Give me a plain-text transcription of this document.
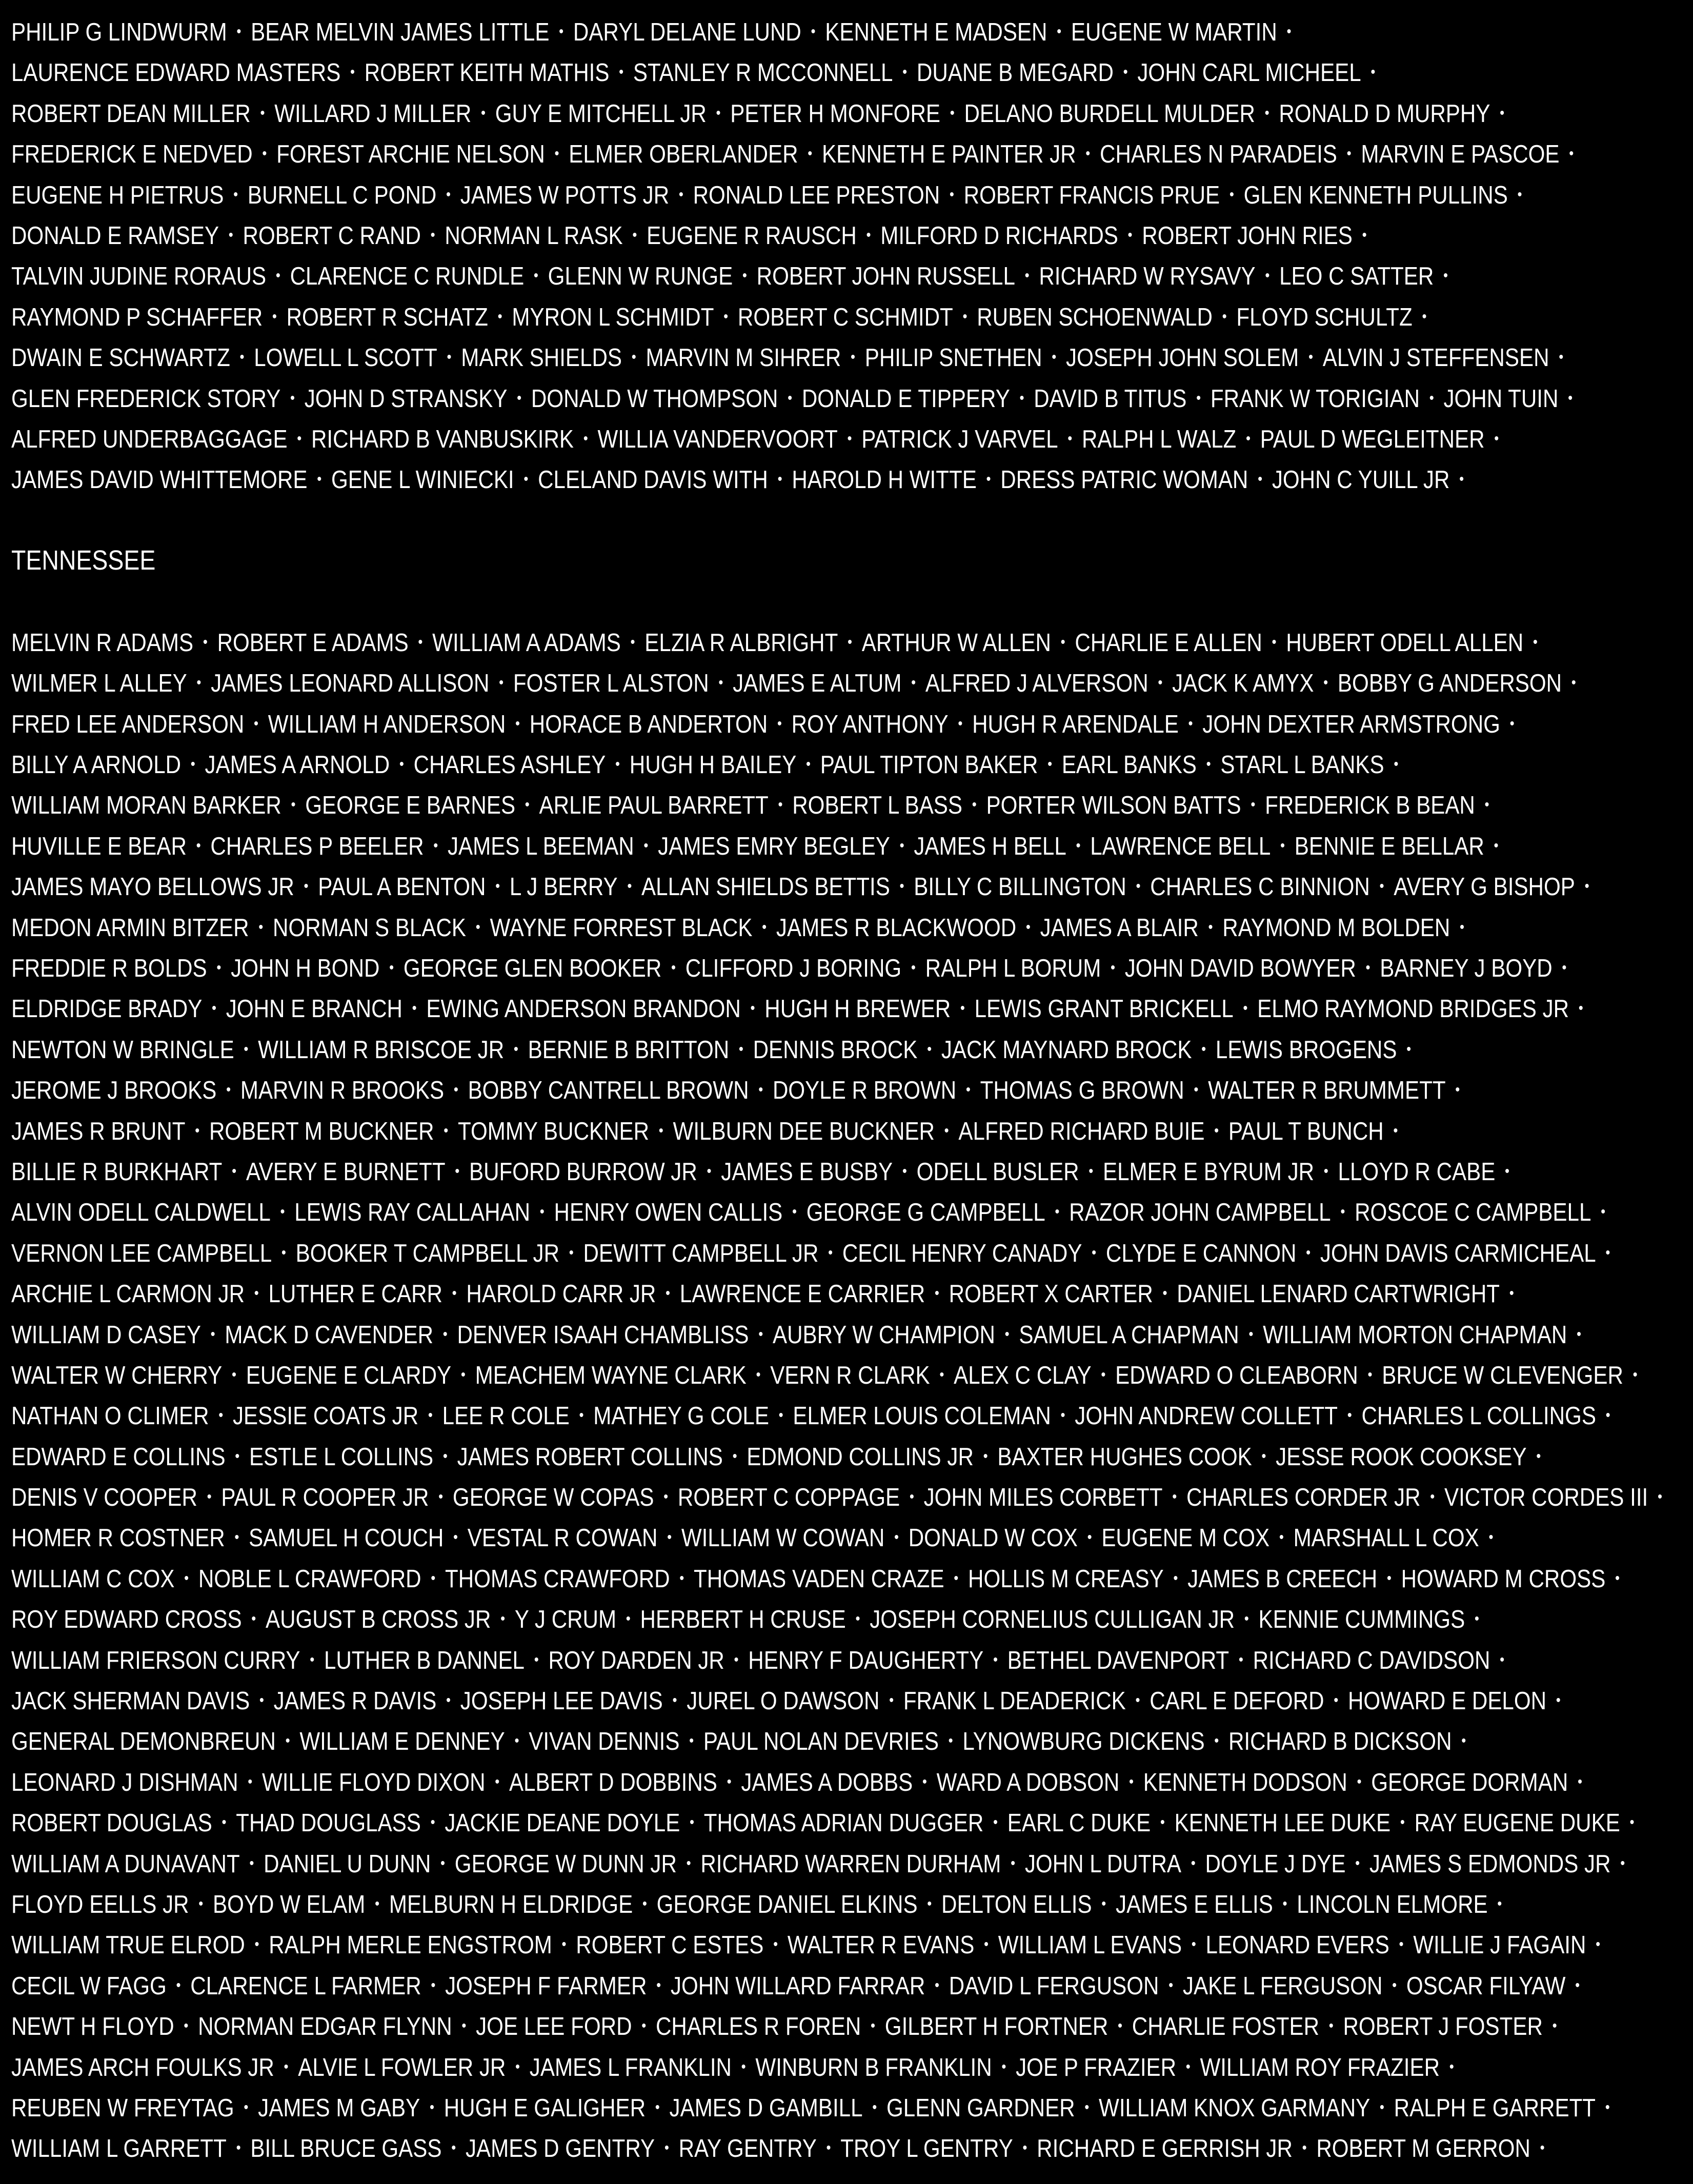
PHILIP G LINDWURM • BEAR MELVIN JAMES LITTLE • DARYL DELANE LUND • KENNETH E MADSEN • EUGENE W MARTIN •
LAURENCE EDWARD MASTERS • ROBERT KEITH MATHIS • STANLEY R MCCONNELL • DUANE B MEGARD • JOHN CARL MICHEEL •
ROBERT DEAN MILLER • WILLARD J MILLER • GUY E MITCHELL JR • PETER H MONFORE • DELANO BURDELL MULDER • RONALD D MURPHY •
FREDERICK E NEDVED • FOREST ARCHIE NELSON • ELMER OBERLANDER • KENNETH E PAINTER JR • CHARLES N PARADEIS • MARVIN E PASCOE •
EUGENE H PIETRUS • BURNELL C POND • JAMES W POTTS JR • RONALD LEE PRESTON • ROBERT FRANCIS PRUE • GLEN KENNETH PULLINS •
DONALD E RAMSEY • ROBERT C RAND • NORMAN L RASK • EUGENE R RAUSCH • MILFORD D RICHARDS • ROBERT JOHN RIES •
TALVIN JUDINE RORAUS • CLARENCE C RUNDLE • GLENN W RUNGE • ROBERT JOHN RUSSELL • RICHARD W RYSAVY • LEO C SATTER •
RAYMOND P SCHAFFER • ROBERT R SCHATZ • MYRON L SCHMIDT • ROBERT C SCHMIDT • RUBEN SCHOENWALD • FLOYD SCHULTZ •
DWAIN E SCHWARTZ • LOWELL L SCOTT • MARK SHIELDS • MARVIN M SIHRER • PHILIP SNETHEN • JOSEPH JOHN SOLEM • ALVIN J STEFFENSEN •
GLEN FREDERICK STORY • JOHN D STRANSKY • DONALD W THOMPSON • DONALD E TIPPERY • DAVID B TITUS • FRANK W TORIGIAN • JOHN TUIN •
ALFRED UNDERBAGGAGE • RICHARD B VANBUSKIRK • WILLIA VANDERVOORT • PATRICK J VARVEL • RALPH L WALZ • PAUL D WEGLEITNER •
JAMES DAVID WHITTEMORE • GENE L WINIECKI • CLELAND DAVIS WITH • HAROLD H WITTE • DRESS PATRIC WOMAN • JOHN C YUILL JR •
TENNESSEE
MELVIN R ADAMS • ROBERT E ADAMS • WILLIAM A ADAMS • ELZIA R ALBRIGHT • ARTHUR W ALLEN • CHARLIE E ALLEN • HUBERT ODELL ALLEN •
WILMER L ALLEY • JAMES LEONARD ALLISON • FOSTER L ALSTON • JAMES E ALTUM • ALFRED J ALVERSON • JACK K AMYX • BOBBY G ANDERSON •
FRED LEE ANDERSON • WILLIAM H ANDERSON • HORACE B ANDERTON • ROY ANTHONY • HUGH R ARENDALE • JOHN DEXTER ARMSTRONG •
BILLY A ARNOLD • JAMES A ARNOLD • CHARLES ASHLEY • HUGH H BAILEY • PAUL TIPTON BAKER • EARL BANKS • STARL L BANKS •
WILLIAM MORAN BARKER • GEORGE E BARNES • ARLIE PAUL BARRETT • ROBERT L BASS • PORTER WILSON BATTS • FREDERICK B BEAN •
HUVILLE E BEAR • CHARLES P BEELER • JAMES L BEEMAN • JAMES EMRY BEGLEY • JAMES H BELL • LAWRENCE BELL • BENNIE E BELLAR •
JAMES MAYO BELLOWS JR • PAUL A BENTON • L J BERRY • ALLAN SHIELDS BETTIS • BILLY C BILLINGTON • CHARLES C BINNION • AVERY G BISHOP •
MEDON ARMIN BITZER • NORMAN S BLACK • WAYNE FORREST BLACK • JAMES R BLACKWOOD • JAMES A BLAIR • RAYMOND M BOLDEN •
FREDDIE R BOLDS • JOHN H BOND • GEORGE GLEN BOOKER • CLIFFORD J BORING • RALPH L BORUM • JOHN DAVID BOWYER • BARNEY J BOYD •
ELDRIDGE BRADY • JOHN E BRANCH • EWING ANDERSON BRANDON • HUGH H BREWER • LEWIS GRANT BRICKELL • ELMO RAYMOND BRIDGES JR •
NEWTON W BRINGLE • WILLIAM R BRISCOE JR • BERNIE B BRITTON • DENNIS BROCK • JACK MAYNARD BROCK • LEWIS BROGENS •
JEROME J BROOKS • MARVIN R BROOKS • BOBBY CANTRELL BROWN • DOYLE R BROWN • THOMAS G BROWN • WALTER R BRUMMETT •
JAMES R BRUNT • ROBERT M BUCKNER • TOMMY BUCKNER • WILBURN DEE BUCKNER • ALFRED RICHARD BUIE • PAUL T BUNCH •
BILLIE R BURKHART • AVERY E BURNETT • BUFORD BURROW JR • JAMES E BUSBY • ODELL BUSLER • ELMER E BYRUM JR • LLOYD R CABE •
ALVIN ODELL CALDWELL • LEWIS RAY CALLAHAN • HENRY OWEN CALLIS • GEORGE G CAMPBELL • RAZOR JOHN CAMPBELL • ROSCOE C CAMPBELL •
VERNON LEE CAMPBELL • BOOKER T CAMPBELL JR • DEWITT CAMPBELL JR • CECIL HENRY CANADY • CLYDE E CANNON • JOHN DAVIS CARMICHEAL •
ARCHIE L CARMON JR • LUTHER E CARR • HAROLD CARR JR • LAWRENCE E CARRIER • ROBERT X CARTER • DANIEL LENARD CARTWRIGHT •
WILLIAM D CASEY • MACK D CAVENDER • DENVER ISAAH CHAMBLISS • AUBRY W CHAMPION • SAMUEL A CHAPMAN • WILLIAM MORTON CHAPMAN •
WALTER W CHERRY • EUGENE E CLARDY • MEACHEM WAYNE CLARK • VERN R CLARK • ALEX C CLAY • EDWARD O CLEABORN • BRUCE W CLEVENGER •
NATHAN O CLIMER • JESSIE COATS JR • LEE R COLE • MATHEY G COLE • ELMER LOUIS COLEMAN • JOHN ANDREW COLLETT • CHARLES L COLLINGS •
EDWARD E COLLINS • ESTLE L COLLINS • JAMES ROBERT COLLINS • EDMOND COLLINS JR • BAXTER HUGHES COOK • JESSE ROOK COOKSEY •
DENIS V COOPER • PAUL R COOPER JR • GEORGE W COPAS • ROBERT C COPPAGE • JOHN MILES CORBETT • CHARLES CORDER JR • VICTOR CORDES III •
HOMER R COSTNER • SAMUEL H COUCH • VESTAL R COWAN • WILLIAM W COWAN • DONALD W COX • EUGENE M COX • MARSHALL L COX •
WILLIAM C COX • NOBLE L CRAWFORD • THOMAS CRAWFORD • THOMAS VADEN CRAZE • HOLLIS M CREASY • JAMES B CREECH • HOWARD M CROSS •
ROY EDWARD CROSS • AUGUST B CROSS JR • Y J CRUM • HERBERT H CRUSE • JOSEPH CORNELIUS CULLIGAN JR • KENNIE CUMMINGS •
WILLIAM FRIERSON CURRY • LUTHER B DANNEL • ROY DARDEN JR • HENRY F DAUGHERTY • BETHEL DAVENPORT • RICHARD C DAVIDSON •
JACK SHERMAN DAVIS • JAMES R DAVIS • JOSEPH LEE DAVIS • JUREL O DAWSON • FRANK L DEADERICK • CARL E DEFORD • HOWARD E DELON •
GENERAL DEMONBREUN • WILLIAM E DENNEY • VIVAN DENNIS • PAUL NOLAN DEVRIES • LYNOWBURG DICKENS • RICHARD B DICKSON •
LEONARD J DISHMAN • WILLIE FLOYD DIXON • ALBERT D DOBBINS • JAMES A DOBBS • WARD A DOBSON • KENNETH DODSON • GEORGE DORMAN •
ROBERT DOUGLAS • THAD DOUGLASS • JACKIE DEANE DOYLE • THOMAS ADRIAN DUGGER • EARL C DUKE • KENNETH LEE DUKE • RAY EUGENE DUKE •
WILLIAM A DUNAVANT • DANIEL U DUNN • GEORGE W DUNN JR • RICHARD WARREN DURHAM • JOHN L DUTRA • DOYLE J DYE • JAMES S EDMONDS JR •
FLOYD EELLS JR • BOYD W ELAM • MELBURN H ELDRIDGE • GEORGE DANIEL ELKINS • DELTON ELLIS • JAMES E ELLIS • LINCOLN ELMORE •
WILLIAM TRUE ELROD • RALPH MERLE ENGSTROM • ROBERT C ESTES • WALTER R EVANS • WILLIAM L EVANS • LEONARD EVERS • WILLIE J FAGAIN •
CECIL W FAGG • CLARENCE L FARMER • JOSEPH F FARMER • JOHN WILLARD FARRAR • DAVID L FERGUSON • JAKE L FERGUSON • OSCAR FILYAW •
NEWT H FLOYD • NORMAN EDGAR FLYNN • JOE LEE FORD • CHARLES R FOREN • GILBERT H FORTNER • CHARLIE FOSTER • ROBERT J FOSTER •
JAMES ARCH FOULKS JR • ALVIE L FOWLER JR • JAMES L FRANKLIN • WINBURN B FRANKLIN • JOE P FRAZIER • WILLIAM ROY FRAZIER •
REUBEN W FREYTAG • JAMES M GABY • HUGH E GALIGHER • JAMES D GAMBILL • GLENN GARDNER • WILLIAM KNOX GARMANY • RALPH E GARRETT •
WILLIAM L GARRETT • BILL BRUCE GASS • JAMES D GENTRY • RAY GENTRY • TROY L GENTRY • RICHARD E GERRISH JR • ROBERT M GERRON •
